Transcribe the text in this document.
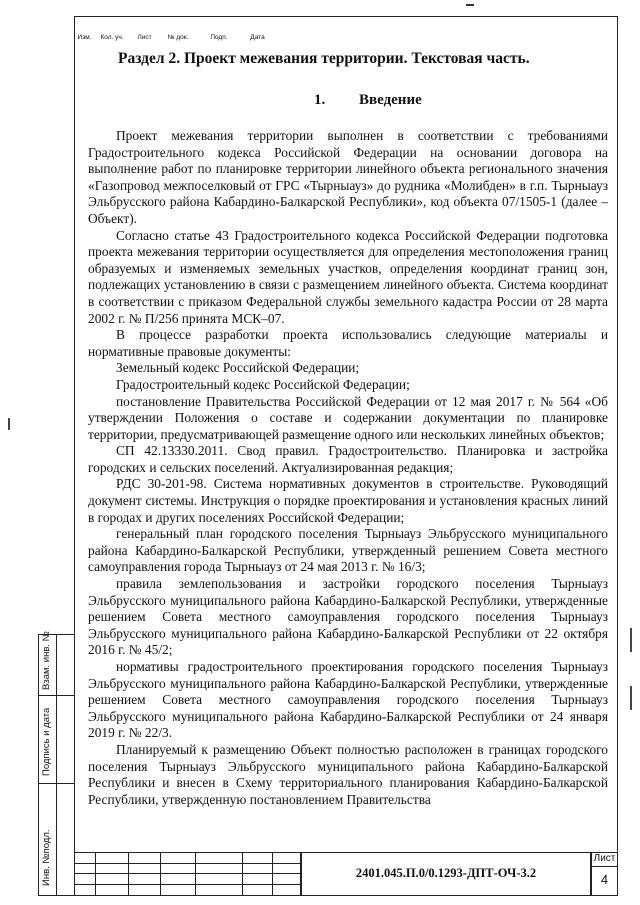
Раздел 2. Проект межевания территории. Текстовая часть.
1. Введение

Проект межевания территории выполнен в соответствии с требованиями Градостроительного кодекса Российской Федерации на основании договора на выполнение работ по планировке территории линейного объекта регионального значения «Газопровод межпоселковый от ГРС «Тырныауз» до рудника «Молибден» в г.п. Тырныауз Эльбрусского района Кабардино-Балкарской Республики», код объекта 07/1505-1 (далее – Объект).

Согласно статье 43 Градостроительного кодекса Российской Федерации подготовка проекта межевания территории осуществляется для определения местоположения границ образуемых и изменяемых земельных участков, определения координат границ зон, подлежащих установлению в связи с размещением линейного объекта. Система координат в соответствии с приказом Федеральной службы земельного кадастра России от 28 марта 2002 г. № П/256 принята МСК–07.

В процессе разработки проекта использовались следующие материалы и нормативные правовые документы:

Земельный кодекс Российской Федерации;

Градостроительный кодекс Российской Федерации;

постановление Правительства Российской Федерации от 12 мая 2017 г. № 564 «Об утверждении Положения о составе и содержании документации по планировке территории, предусматривающей размещение одного или нескольких линейных объектов;

СП 42.13330.2011. Свод правил. Градостроительство. Планировка и застройка городских и сельских поселений. Актуализированная редакция;

РДС 30-201-98. Система нормативных документов в строительстве. Руководящий документ системы. Инструкция о порядке проектирования и установления красных линий в городах и других поселениях Российской Федерации;

генеральный план городского поселения Тырныауз Эльбрусского муниципального района Кабардино-Балкарской Республики, утвержденный решением Совета местного самоуправления города Тырныауз от 24 мая 2013 г. № 16/3;

правила землепользования и застройки городского поселения Тырныауз Эльбрусского муниципального района Кабардино-Балкарской Республики, утвержденные решением Совета местного самоуправления городского поселения Тырныауз Эльбрусского муниципального района Кабардино-Балкарской Республики от 22 октября 2016 г. № 45/2;

нормативы градостроительного проектирования городского поселения Тырныауз Эльбрусского муниципального района Кабардино-Балкарской Республики, утвержденные решением Совета местного самоуправления городского поселения Тырныауз Эльбрусского муниципального района Кабардино-Балкарской Республики от 24 января 2019 г. № 22/3.

Планируемый к размещению Объект полностью расположен в границах городского поселения Тырныауз Эльбрусского муниципального района Кабардино-Балкарской Республики и внесен в Схему территориального планирования Кабардино-Балкарской Республики, утвержденную постановлением Правительства

Инв. №подл.
Подпись и дата
Взам. инв. №
Изм.	Кол. уч.	Лист	№ док.	Подп.	Дата
2401.045.П.0/0.1293-ДПТ-ОЧ-3.2
Лист
4
